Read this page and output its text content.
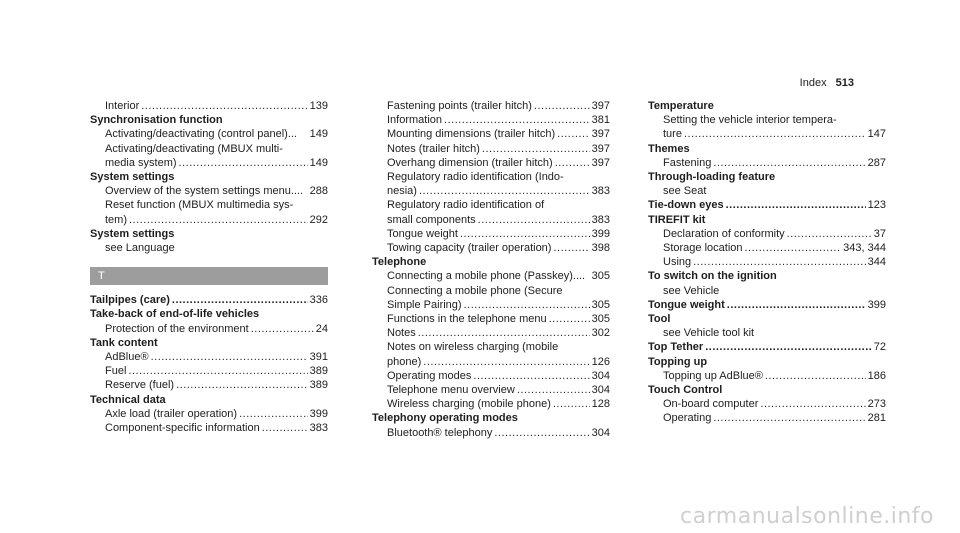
Index 513
Interior .....	139
Synchronisation function
Activating/deactivating (control panel)... 149
Activating/deactivating (MBUX multi-
media system) .....	149
System settings
Overview of the system settings menu.... 288
Reset function (MBUX multimedia sys-
tem) .....	292
System settings
see Language
T
Tailpipes (care) .....	336
Take-back of end-of-life vehicles
Protection of the environment .....	24
Tank content
AdBlue® .....	391
Fuel .....	389
Reserve (fuel) .....	389
Technical data
Axle load (trailer operation) .....	399
Component-specific information .....	383
Fastening points (trailer hitch) .....	397
Information .....	381
Mounting dimensions (trailer hitch) .....	397
Notes (trailer hitch) .....	397
Overhang dimension (trailer hitch) .....	397
Regulatory radio identification (Indo-
nesia) .....	383
Regulatory radio identification of
small components .....	383
Tongue weight .....	399
Towing capacity (trailer operation) .....	398
Telephone
Connecting a mobile phone (Passkey).... 305
Connecting a mobile phone (Secure
Simple Pairing) .....	305
Functions in the telephone menu .....	305
Notes .....	302
Notes on wireless charging (mobile
phone) .....	126
Operating modes .....	304
Telephone menu overview .....	304
Wireless charging (mobile phone) .....	128
Telephony operating modes
Bluetooth® telephony .....	304
Temperature
Setting the vehicle interior tempera-
ture .....	147
Themes
Fastening .....	287
Through-loading feature
see Seat
Tie-down eyes .....	123
TIREFIT kit
Declaration of conformity .....	37
Storage location .....	343, 344
Using .....	344
To switch on the ignition
see Vehicle
Tongue weight .....	399
Tool
see Vehicle tool kit
Top Tether .....	72
Topping up
Topping up AdBlue® .....	186
Touch Control
On-board computer .....	273
Operating .....	281
carmanualsonline.info
